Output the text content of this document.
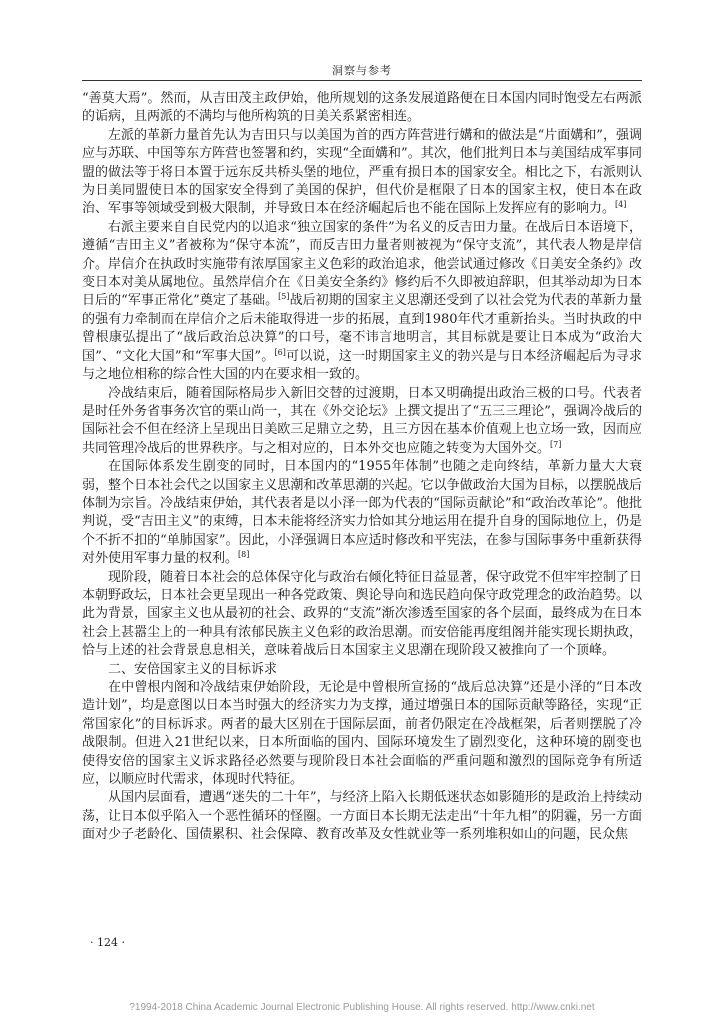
洞察与参考

“善莫大焉”。然而，从吉田茂主政伊始，他所规划的这条发展道路便在日本国内同时饱受左右两派的诟病，且两派的不满均与他所构筑的日美关系紧密相连。

左派的革新力量首先认为吉田只与以美国为首的西方阵营进行媾和的做法是“片面媾和”，强调应与苏联、中国等东方阵营也签署和约，实现“全面媾和”。其次，他们批判日本与美国结成军事同盟的做法等于将日本置于远东反共桥头堡的地位，严重有损日本的国家安全。相比之下，右派则认为日美同盟使日本的国家安全得到了美国的保护，但代价是框限了日本的国家主权，使日本在政治、军事等领域受到极大限制，并导致日本在经济崛起后也不能在国际上发挥应有的影响力。[4]

右派主要来自自民党内的以追求“独立国家的条件”为名义的反吉田力量。在战后日本语境下，遵循“吉田主义”者被称为“保守本流”，而反吉田力量者则被视为“保守支流”，其代表人物是岸信介。岸信介在执政时实施带有浓厚国家主义色彩的政治追求，他尝试通过修改《日美安全条约》改变日本对美从属地位。虽然岸信介在《日美安全条约》修约后不久即被迫辞职，但其举动却为日本日后的“军事正常化”奠定了基础。[5]战后初期的国家主义思潮还受到了以社会党为代表的革新力量的强有力牵制而在岸信介之后未能取得进一步的拓展，直到1980年代才重新抬头。当时执政的中曾根康弘提出了“战后政治总决算”的口号，毫不讳言地明言，其目标就是要让日本成为“政治大国”、“文化大国”和“军事大国”。[6]可以说，这一时期国家主义的勃兴是与日本经济崛起后为寻求与之地位相称的综合性大国的内在要求相一致的。

冷战结束后，随着国际格局步入新旧交替的过渡期，日本又明确提出政治三极的口号。代表者是时任外务省事务次官的栗山尚一，其在《外交论坛》上撰文提出了“五三三理论”，强调冷战后的国际社会不但在经济上呈现出日美欧三足鼎立之势，且三方因在基本价值观上也立场一致，因而应共同管理冷战后的世界秩序。与之相对应的，日本外交也应随之转变为大国外交。[7]

在国际体系发生剧变的同时，日本国内的“1955年体制”也随之走向终结，革新力量大大衰弱，整个日本社会代之以国家主义思潮和改革思潮的兴起。它以争做政治大国为目标，以摆脱战后体制为宗旨。冷战结束伊始，其代表者是以小泽一郎为代表的“国际贡献论”和“政治改革论”。他批判说，受“吉田主义”的束缚，日本未能将经济实力恰如其分地运用在提升自身的国际地位上，仍是个不折不扣的“单肺国家”。因此，小泽强调日本应适时修改和平宪法，在参与国际事务中重新获得对外使用军事力量的权利。[8]

现阶段，随着日本社会的总体保守化与政治右倾化特征日益显著，保守政党不但牢牢控制了日本朝野政坛，日本社会更呈现出一种各党政策、舆论导向和选民趋向保守政党理念的政治趋势。以此为背景，国家主义也从最初的社会、政界的“支流”渐次渗透至国家的各个层面，最终成为在日本社会上甚嚣尘上的一种具有浓郁民族主义色彩的政治思潮。而安倍能再度组阁并能实现长期执政，恰与上述的社会背景息息相关，意味着战后日本国家主义思潮在现阶段又被推向了一个顶峰。

二、安倍国家主义的目标诉求

在中曾根内阁和冷战结束伊始阶段，无论是中曾根所宣扬的“战后总决算”还是小泽的“日本改造计划”，均是意图以日本当时强大的经济实力为支撑，通过增强日本的国际贡献等路径，实现“正常国家化”的目标诉求。两者的最大区别在于国际层面，前者仍限定在冷战框架，后者则摆脱了冷战限制。但进入21世纪以来，日本所面临的国内、国际环境发生了剧烈变化，这种环境的剧变也使得安倍的国家主义诉求路径必然要与现阶段日本社会面临的严重问题和激烈的国际竞争有所适应，以顺应时代需求，体现时代特征。

从国内层面看，遭遇“迷失的二十年”，与经济上陷入长期低迷状态如影随形的是政治上持续动荡，让日本似乎陷入一个恶性循环的怪圈。一方面日本长期无法走出“十年九相”的阴霾，另一方面面对少子老龄化、国债累积、社会保障、教育改革及女性就业等一系列堆积如山的问题，民众焦

· 124 ·
?1994-2018 China Academic Journal Electronic Publishing House. All rights reserved. http://www.cnki.net
